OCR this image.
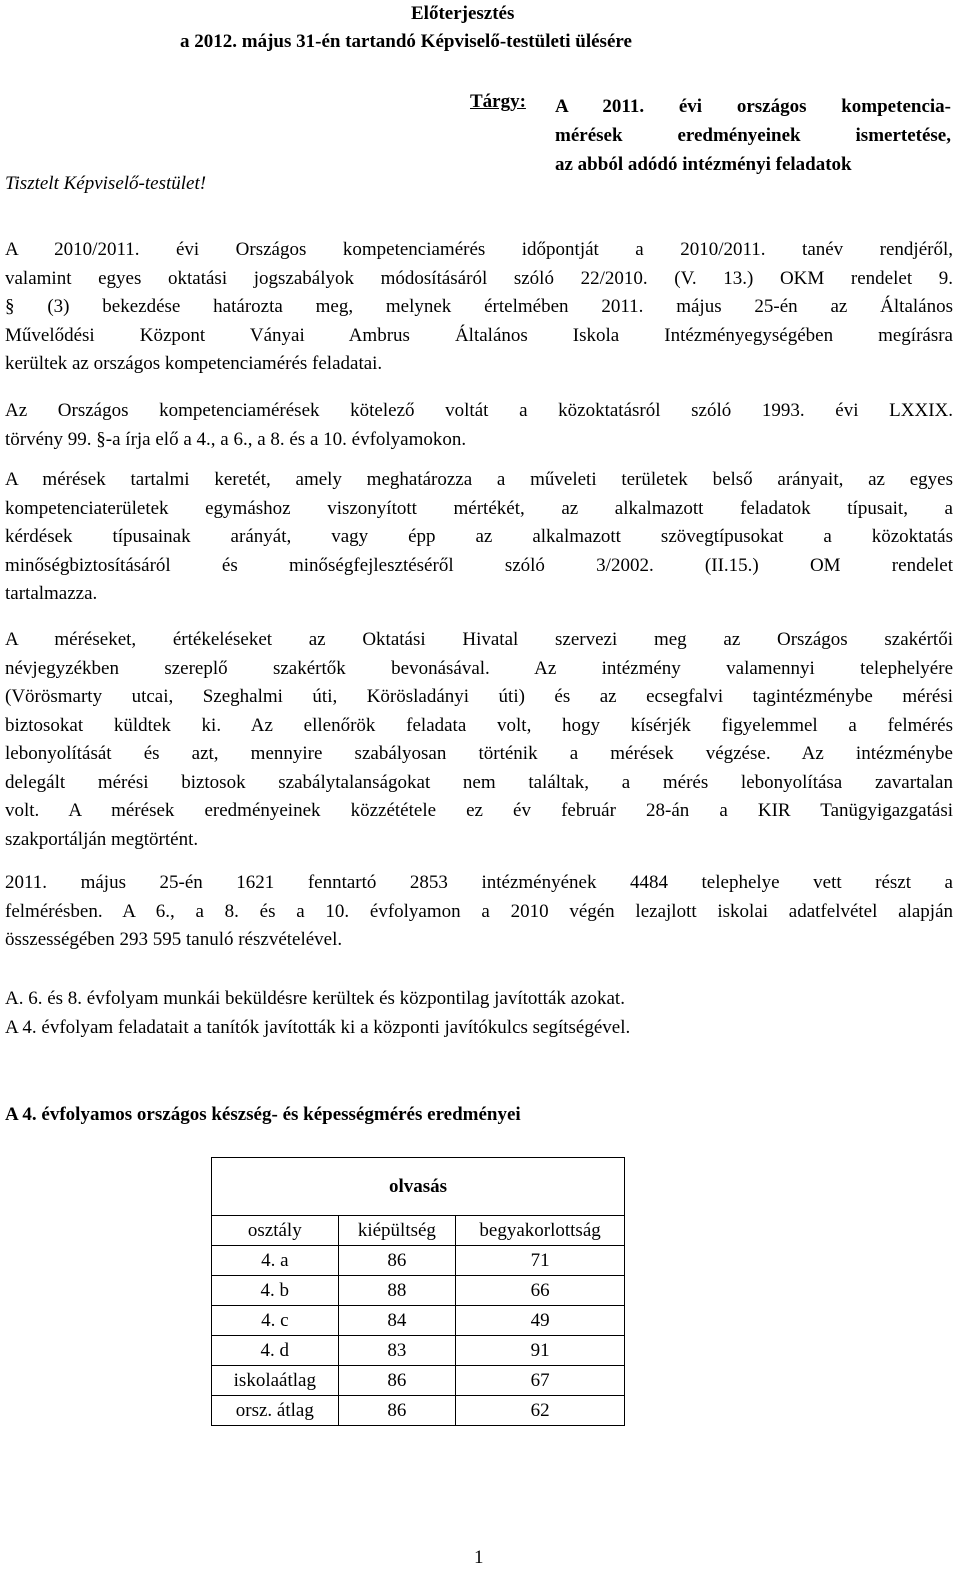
Előterjesztés
a 2012. május 31-én tartandó Képviselő-testületi ülésére
Tárgy: A 2011. évi országos kompetencia-
mérések eredményeinek ismertetése,
az abból adódó intézményi feladatok
Tisztelt Képviselő-testület!
A 2010/2011. évi Országos kompetenciamérés időpontját a 2010/2011. tanév rendjéről,
valamint egyes oktatási jogszabályok módosításáról szóló 22/2010. (V. 13.) OKM rendelet 9.
§ (3) bekezdése határozta meg, melynek értelmében 2011. május 25-én az Általános
Művelődési Központ Ványai Ambrus Általános Iskola Intézményegységében megírásra
kerültek az országos kompetenciamérés feladatai.
Az Országos kompetenciamérések kötelező voltát a közoktatásról szóló 1993. évi LXXIX.
törvény 99. §-a írja elő a 4., a 6., a 8. és a 10. évfolyamokon.
A mérések tartalmi keretét, amely meghatározza a műveleti területek belső arányait, az egyes
kompetenciaterületek egymáshoz viszonyított mértékét, az alkalmazott feladatok típusait, a
kérdések típusainak arányát, vagy épp az alkalmazott szövegtípusokat a közoktatás
minőségbiztosításáról és minőségfejlesztéséről szóló 3/2002. (II.15.) OM rendelet
tartalmazza.
A méréseket, értékeléseket az Oktatási Hivatal szervezi meg az Országos szakértői
névjegyzékben szereplő szakértők bevonásával. Az intézmény valamennyi telephelyére
(Vörösmarty utcai, Szeghalmi úti, Körösladányi úti) és az ecsegfalvi tagintézménybe mérési
biztosokat küldtek ki. Az ellenőrök feladata volt, hogy kísérjék figyelemmel a felmérés
lebonyolítását és azt, mennyire szabályosan történik a mérések végzése. Az intézménybe
delegált mérési biztosok szabálytalanságokat nem találtak, a mérés lebonyolítása zavartalan
volt. A mérések eredményeinek közzététele ez év február 28-án a KIR Tanügyigazgatási
szakportálján megtörtént.
2011. május 25-én 1621 fenntartó 2853 intézményének 4484 telephelye vett részt a
felmérésben. A 6., a 8. és a 10. évfolyamon a 2010 végén lezajlott iskolai adatfelvétel alapján
összességében 293 595 tanuló részvételével.
A. 6. és 8. évfolyam munkái beküldésre kerültek és központilag javították azokat.
A 4. évfolyam feladatait a tanítók javították ki a központi javítókulcs segítségével.
A 4. évfolyamos országos készség- és képességmérés eredményei
olvasás		
osztály	kiépültség	begyakorlottság
4. a	86	71
4. b	88	66
4. c	84	49
4. d	83	91
iskolaátlag	86	67
orsz. átlag	86	62
1
